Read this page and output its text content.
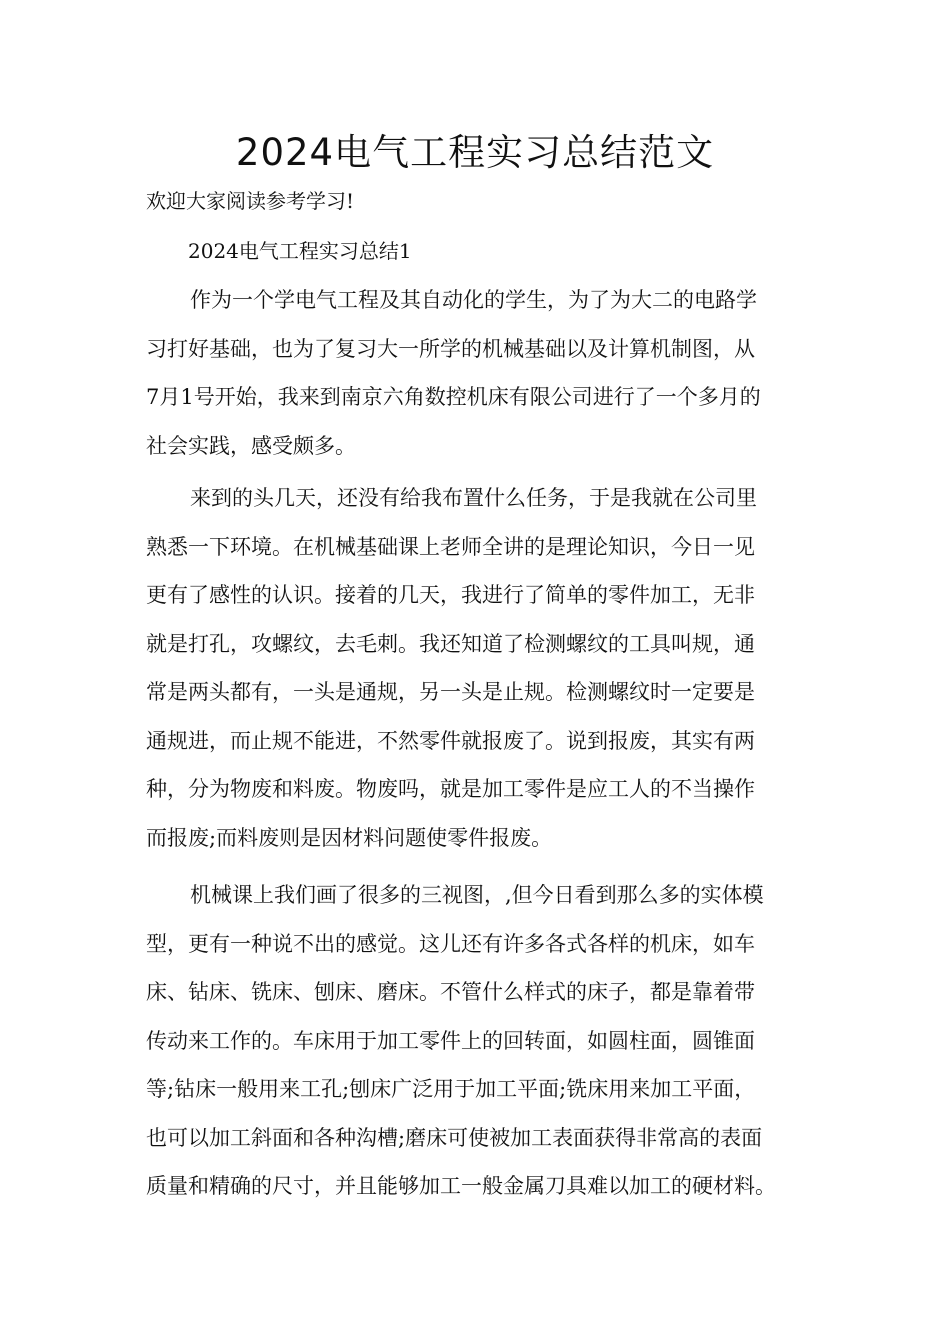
2024电气工程实习总结范文
欢迎大家阅读参考学习!
2024电气工程实习总结1
作为一个学电气工程及其自动化的学生，为了为大二的电路学
习打好基础，也为了复习大一所学的机械基础以及计算机制图，从
7月1号开始，我来到南京六角数控机床有限公司进行了一个多月的
社会实践，感受颇多。
来到的头几天，还没有给我布置什么任务，于是我就在公司里
熟悉一下环境。在机械基础课上老师全讲的是理论知识，今日一见
更有了感性的认识。接着的几天，我进行了简单的零件加工，无非
就是打孔，攻螺纹，去毛刺。我还知道了检测螺纹的工具叫规，通
常是两头都有，一头是通规，另一头是止规。检测螺纹时一定要是
通规进，而止规不能进，不然零件就报废了。说到报废，其实有两
种，分为物废和料废。物废吗，就是加工零件是应工人的不当操作
而报废;而料废则是因材料问题使零件报废。
机械课上我们画了很多的三视图，,但今日看到那么多的实体模
型，更有一种说不出的感觉。这儿还有许多各式各样的机床，如车
床、钻床、铣床、刨床、磨床。不管什么样式的床子，都是靠着带
传动来工作的。车床用于加工零件上的回转面，如圆柱面，圆锥面
等;钻床一般用来工孔;刨床广泛用于加工平面;铣床用来加工平面，
也可以加工斜面和各种沟槽;磨床可使被加工表面获得非常高的表面
质量和精确的尺寸，并且能够加工一般金属刀具难以加工的硬材料。
